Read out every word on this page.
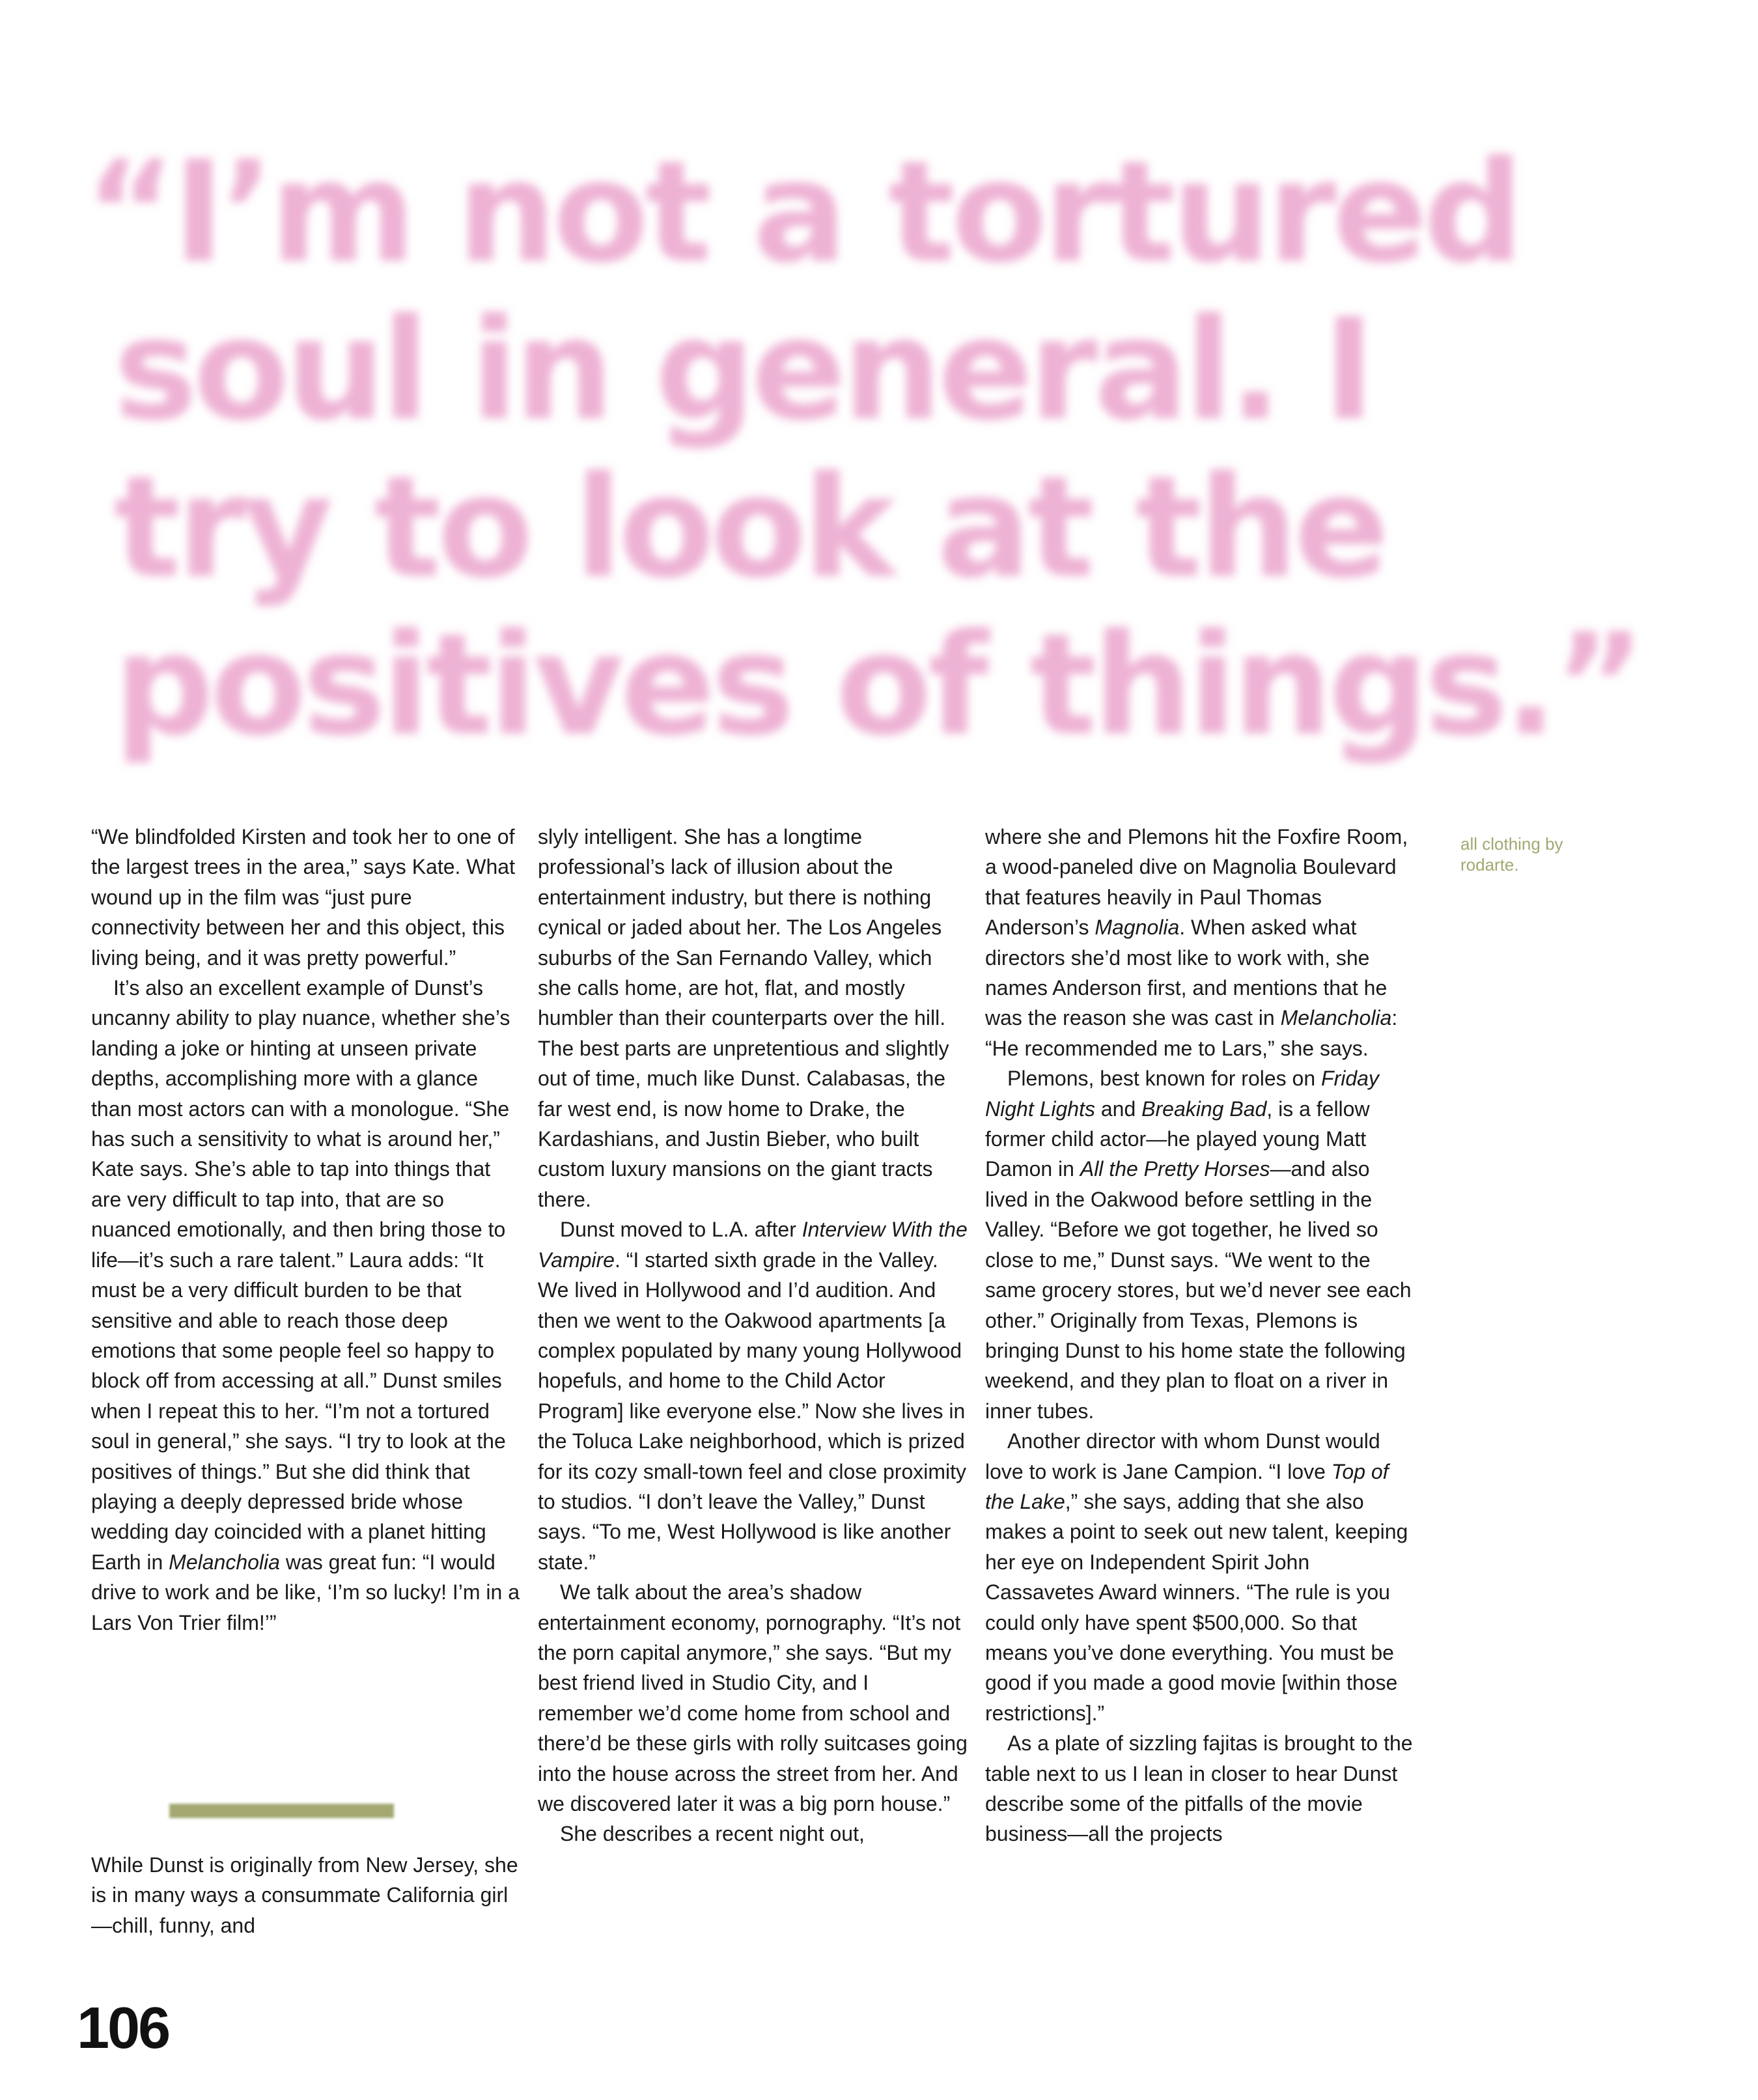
“I’m not a tortured
soul in general. I
try to look at the
positives of things.”

“We blindfolded Kirsten and took her to one of the largest trees in the area,” says Kate. What wound up in the film was “just pure connectivity between her and this object, this living being, and it was pretty powerful.”

It’s also an excellent example of Dunst’s uncanny ability to play nuance, whether she’s landing a joke or hinting at unseen private depths, accomplishing more with a glance than most actors can with a monologue. “She has such a sensitivity to what is around her,” Kate says. She’s able to tap into things that are very difficult to tap into, that are so nuanced emotionally, and then bring those to life—it’s such a rare talent.” Laura adds: “It must be a very difficult burden to be that sensitive and able to reach those deep emotions that some people feel so happy to block off from accessing at all.” Dunst smiles when I repeat this to her. “I’m not a tortured soul in general,” she says. “I try to look at the positives of things.” But she did think that playing a deeply depressed bride whose wedding day coincided with a planet hitting Earth in Melancholia was great fun: “I would drive to work and be like, ‘I’m so lucky! I’m in a Lars Von Trier film!’”

While Dunst is originally from New Jersey, she is in many ways a consummate California girl—chill, funny, and

slyly intelligent. She has a longtime professional’s lack of illusion about the entertainment industry, but there is nothing cynical or jaded about her. The Los Angeles suburbs of the San Fernando Valley, which she calls home, are hot, flat, and mostly humbler than their counterparts over the hill. The best parts are unpretentious and slightly out of time, much like Dunst. Calabasas, the far west end, is now home to Drake, the Kardashians, and Justin Bieber, who built custom luxury mansions on the giant tracts there.

Dunst moved to L.A. after Interview With the Vampire. “I started sixth grade in the Valley. We lived in Hollywood and I’d audition. And then we went to the Oakwood apartments [a complex populated by many young Hollywood hopefuls, and home to the Child Actor Program] like everyone else.” Now she lives in the Toluca Lake neighborhood, which is prized for its cozy small-town feel and close proximity to studios. “I don’t leave the Valley,” Dunst says. “To me, West Hollywood is like another state.”

We talk about the area’s shadow entertainment economy, pornography. “It’s not the porn capital anymore,” she says. “But my best friend lived in Studio City, and I remember we’d come home from school and there’d be these girls with rolly suitcases going into the house across the street from her. And we discovered later it was a big porn house.”

She describes a recent night out,

where she and Plemons hit the Foxfire Room, a wood-paneled dive on Magnolia Boulevard that features heavily in Paul Thomas Anderson’s Magnolia. When asked what directors she’d most like to work with, she names Anderson first, and mentions that he was the reason she was cast in Melancholia: “He recommended me to Lars,” she says.

Plemons, best known for roles on Friday Night Lights and Breaking Bad, is a fellow former child actor—he played young Matt Damon in All the Pretty Horses—and also lived in the Oakwood before settling in the Valley. “Before we got together, he lived so close to me,” Dunst says. “We went to the same grocery stores, but we’d never see each other.” Originally from Texas, Plemons is bringing Dunst to his home state the following weekend, and they plan to float on a river in inner tubes.

Another director with whom Dunst would love to work is Jane Campion. “I love Top of the Lake,” she says, adding that she also makes a point to seek out new talent, keeping her eye on Independent Spirit John Cassavetes Award winners. “The rule is you could only have spent $500,000. So that means you’ve done everything. You must be good if you made a good movie [within those restrictions].”

As a plate of sizzling fajitas is brought to the table next to us I lean in closer to hear Dunst describe some of the pitfalls of the movie business—all the projects

all clothing by rodarte.
106
